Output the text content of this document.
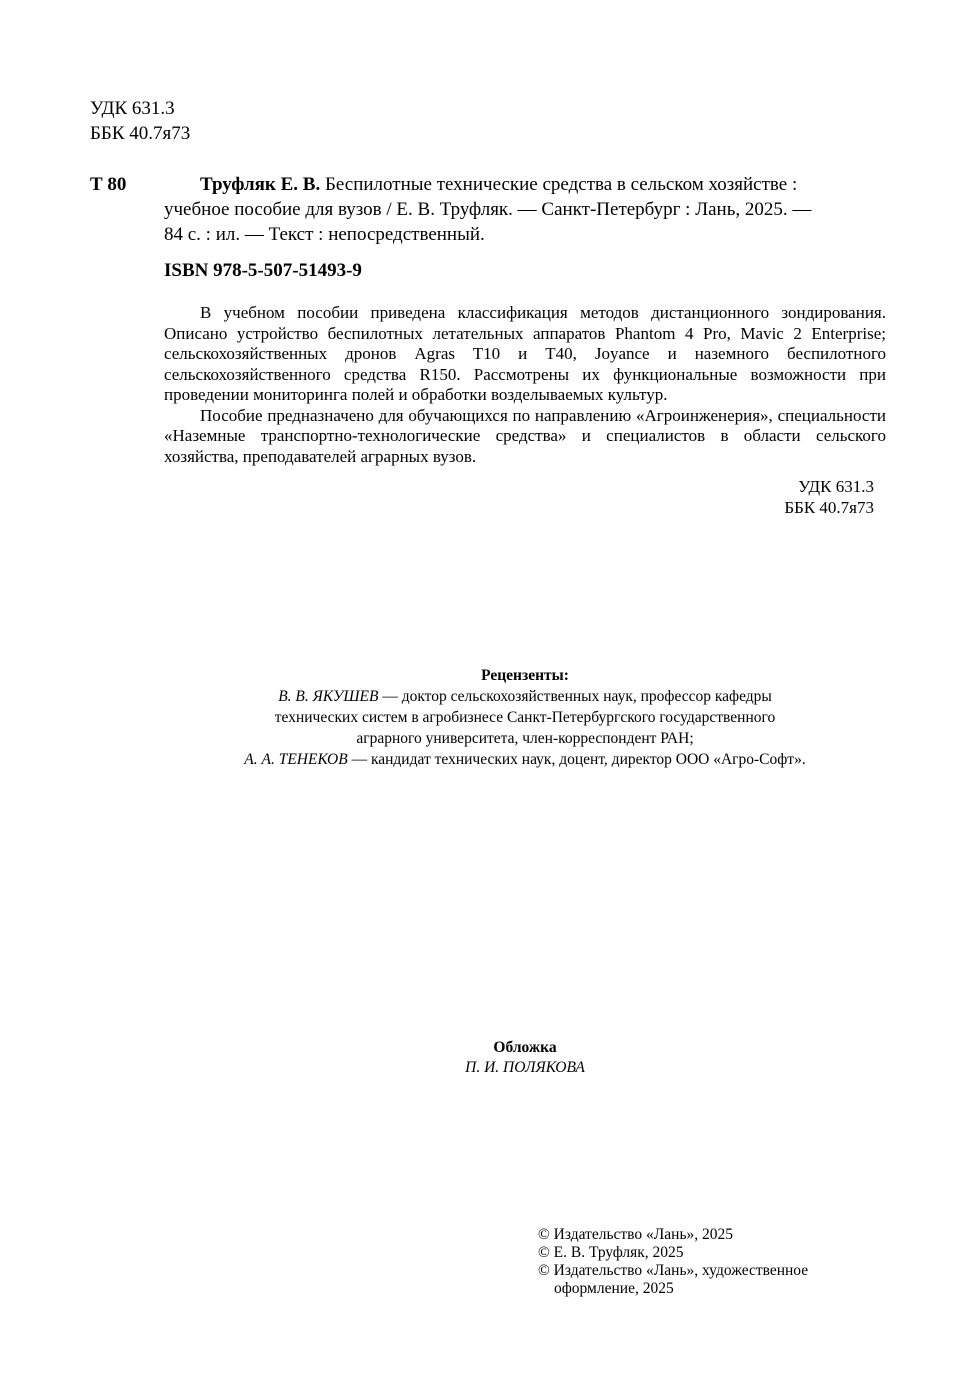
УДК 631.3
ББК 40.7я73
Т 80	Труфляк Е. В. Беспилотные технические средства в сельском хозяйстве :
учебное пособие для вузов / Е. В. Труфляк. — Санкт-Петербург : Лань, 2025. —
84 с. : ил. — Текст : непосредственный.
ISBN 978-5-507-51493-9

В учебном пособии приведена классификация методов дистанционного зондирования. Описано устройство беспилотных летательных аппаратов Phantom 4 Pro, Mavic 2 Enterprise; сельскохозяйственных дронов Agras T10 и T40, Joyance и наземного беспилотного сельскохозяйственного средства R150. Рассмотрены их функциональные возможности при проведении мониторинга полей и обработки возделываемых культур.

Пособие предназначено для обучающихся по направлению «Агроинженерия», специальности «Наземные транспортно-технологические средства» и специалистов в области сельского хозяйства, преподавателей аграрных вузов.

УДК 631.3
ББК 40.7я73
Рецензенты:
В. В. ЯКУШЕВ — доктор сельскохозяйственных наук, профессор кафедры
технических систем в агробизнесе Санкт-Петербургского государственного
аграрного университета, член-корреспондент РАН;
А. А. ТЕНЕКОВ — кандидат технических наук, доцент, директор ООО «Агро-Софт».
Обложка
П. И. ПОЛЯКОВА
© Издательство «Лань», 2025
© Е. В. Труфляк, 2025
© Издательство «Лань», художественное
оформление, 2025
